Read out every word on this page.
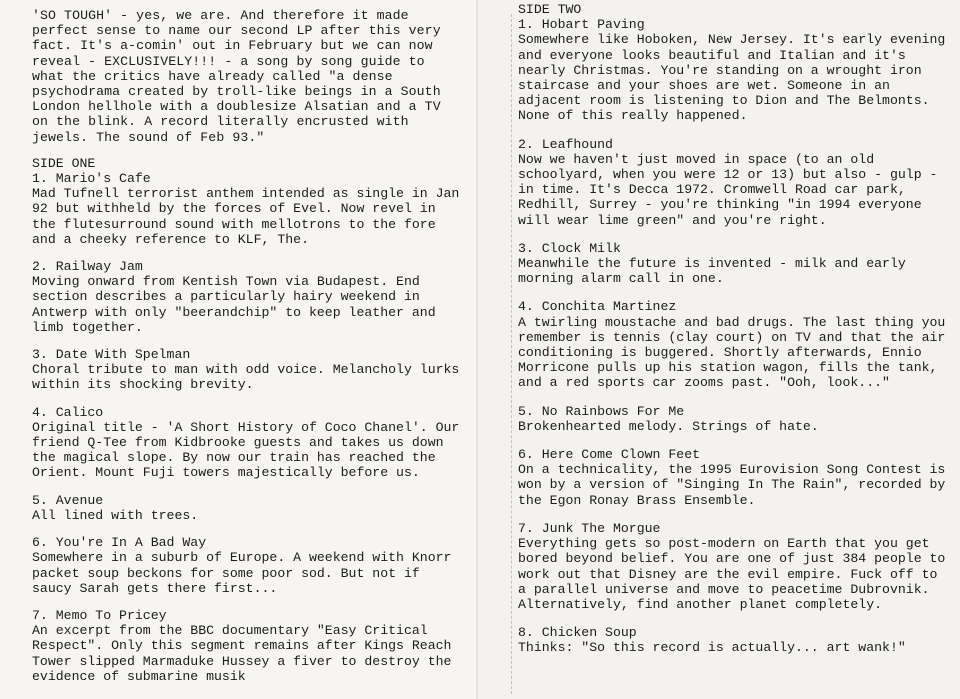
'SO TOUGH' - yes, we are. And therefore it made perfect sense to name our second LP after this very fact. It's a-comin' out in February but we can now reveal - EXCLUSIVELY!!! - a song by song guide to what the critics have already called "a dense psychodrama created by troll-like beings in a South London hellhole with a doublesize Alsatian and a TV on the blink. A record literally encrusted with jewels. The sound of Feb 93."

SIDE ONE

1. Mario's Cafe

Mad Tufnell terrorist anthem intended as single in Jan 92 but withheld by the forces of Evel. Now revel in the flutesurround sound with mellotrons to the fore and a cheeky reference to KLF, The.

2. Railway Jam

Moving onward from Kentish Town via Budapest. End section describes a particularly hairy weekend in Antwerp with only "beerandchip" to keep leather and limb together.

3. Date With Spelman

Choral tribute to man with odd voice. Melancholy lurks within its shocking brevity.

4. Calico

Original title - 'A Short History of Coco Chanel'. Our friend Q-Tee from Kidbrooke guests and takes us down the magical slope. By now our train has reached the Orient. Mount Fuji towers majestically before us.

5. Avenue

All lined with trees.

6. You're In A Bad Way

Somewhere in a suburb of Europe. A weekend with Knorr packet soup beckons for some poor sod. But not if saucy Sarah gets there first...

7. Memo To Pricey

An excerpt from the BBC documentary "Easy Critical Respect". Only this segment remains after Kings Reach Tower slipped Marmaduke Hussey a fiver to destroy the evidence of submarine musik

SIDE TWO

1. Hobart Paving

Somewhere like Hoboken, New Jersey. It's early evening and everyone looks beautiful and Italian and it's nearly Christmas. You're standing on a wrought iron staircase and your shoes are wet. Someone in an adjacent room is listening to Dion and The Belmonts. None of this really happened.

2. Leafhound

Now we haven't just moved in space (to an old schoolyard, when you were 12 or 13) but also - gulp - in time. It's Decca 1972. Cromwell Road car park, Redhill, Surrey - you're thinking "in 1994 everyone will wear lime green" and you're right.

3. Clock Milk

Meanwhile the future is invented - milk and early morning alarm call in one.

4. Conchita Martinez

A twirling moustache and bad drugs. The last thing you remember is tennis (clay court) on TV and that the air conditioning is buggered. Shortly afterwards, Ennio Morricone pulls up his station wagon, fills the tank, and a red sports car zooms past. "Ooh, look..."

5. No Rainbows For Me

Brokenhearted melody. Strings of hate.

6. Here Come Clown Feet

On a technicality, the 1995 Eurovision Song Contest is won by a version of "Singing In The Rain", recorded by the Egon Ronay Brass Ensemble.

7. Junk The Morgue

Everything gets so post-modern on Earth that you get bored beyond belief. You are one of just 384 people to work out that Disney are the evil empire. Fuck off to a parallel universe and move to peacetime Dubrovnik. Alternatively, find another planet completely.

8. Chicken Soup

Thinks: "So this record is actually... art wank!"
